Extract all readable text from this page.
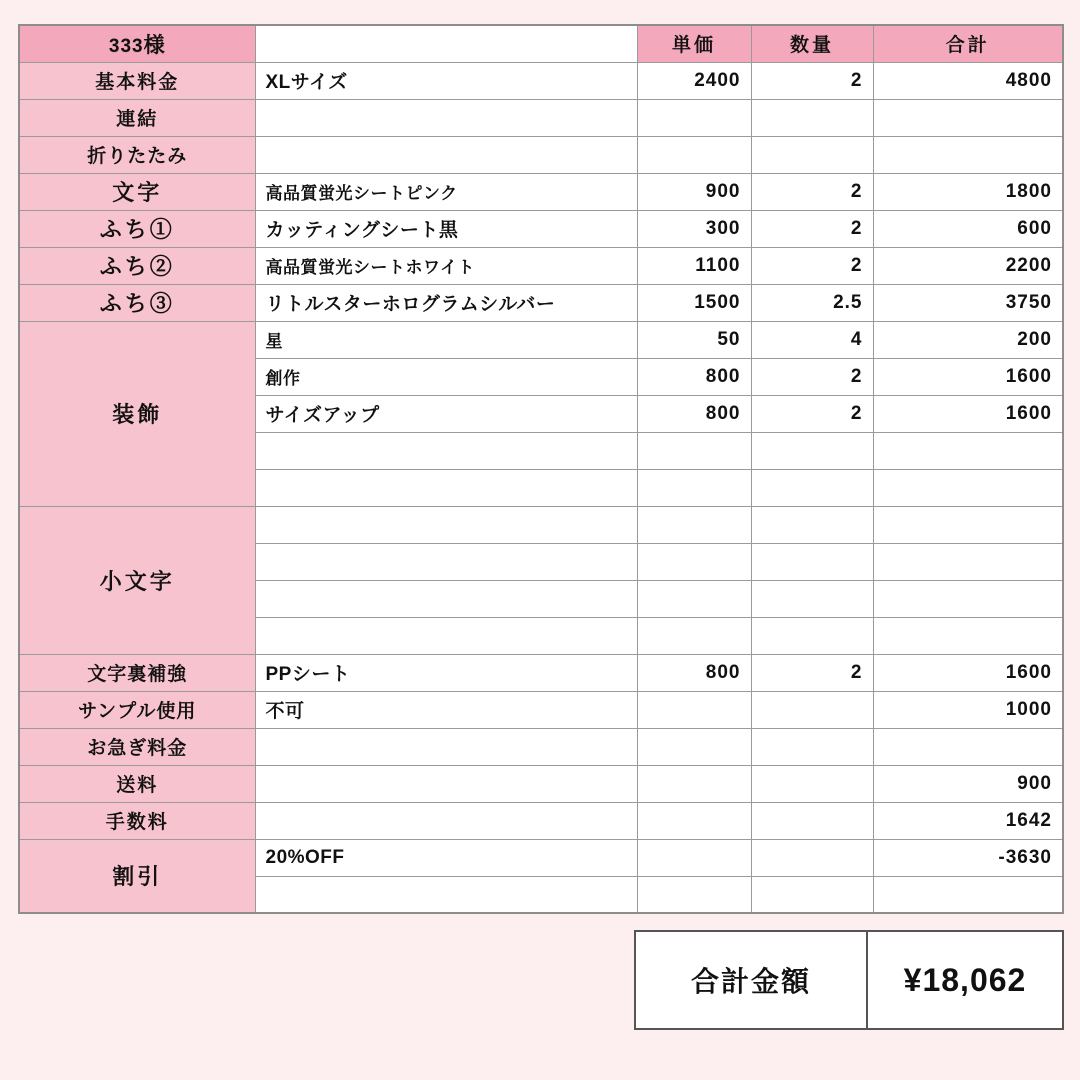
333様		単価	数量	合計
基本料金	XLサイズ	2400	2	4800
連結				
折りたたみ				
文字	高品質蛍光シートピンク	900	2	1800
ふち①	カッティングシート黒	300	2	600
ふち②	高品質蛍光シートホワイト	1100	2	2200
ふち③	リトルスターホログラムシルバー	1500	2.5	3750
装飾	星	50	4	200
	創作	800	2	1600
	サイズアップ	800	2	1600

小文字				

文字裏補強	PPシート	800	2	1600
サンプル使用	不可			1000
お急ぎ料金				
送料				900
手数料				1642
割引	20%OFF			-3630

合計金額	¥18,062
